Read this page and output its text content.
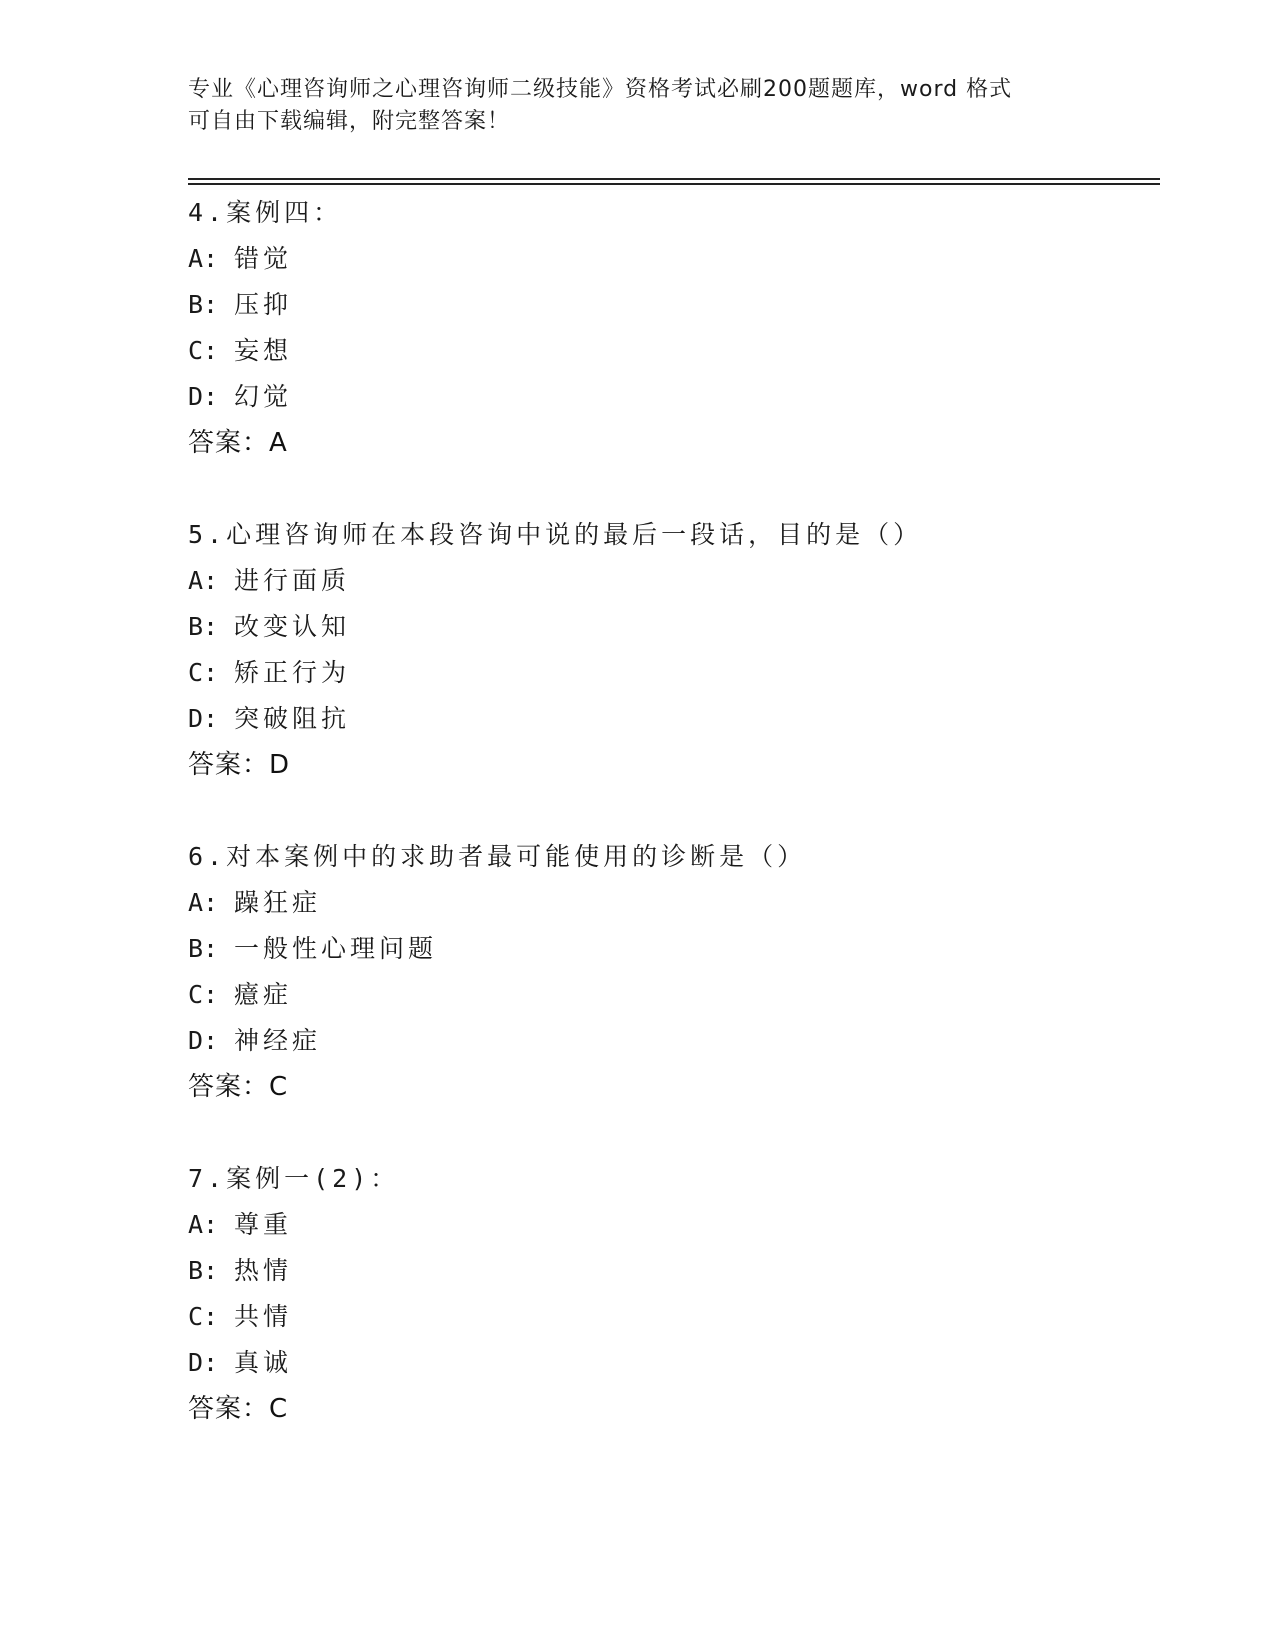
专业《心理咨询师之心理咨询师二级技能》资格考试必刷200题题库，word 格式
可自由下载编辑，附完整答案！
4.案例四：
A: 错觉
B: 压抑
C: 妄想
D: 幻觉
答案：A
5.心理咨询师在本段咨询中说的最后一段话，目的是（）
A: 进行面质
B: 改变认知
C: 矫正行为
D: 突破阻抗
答案：D
6.对本案例中的求助者最可能使用的诊断是（）
A: 躁狂症
B: 一般性心理问题
C: 癔症
D: 神经症
答案：C
7.案例一(2)：
A: 尊重
B: 热情
C: 共情
D: 真诚
答案：C
